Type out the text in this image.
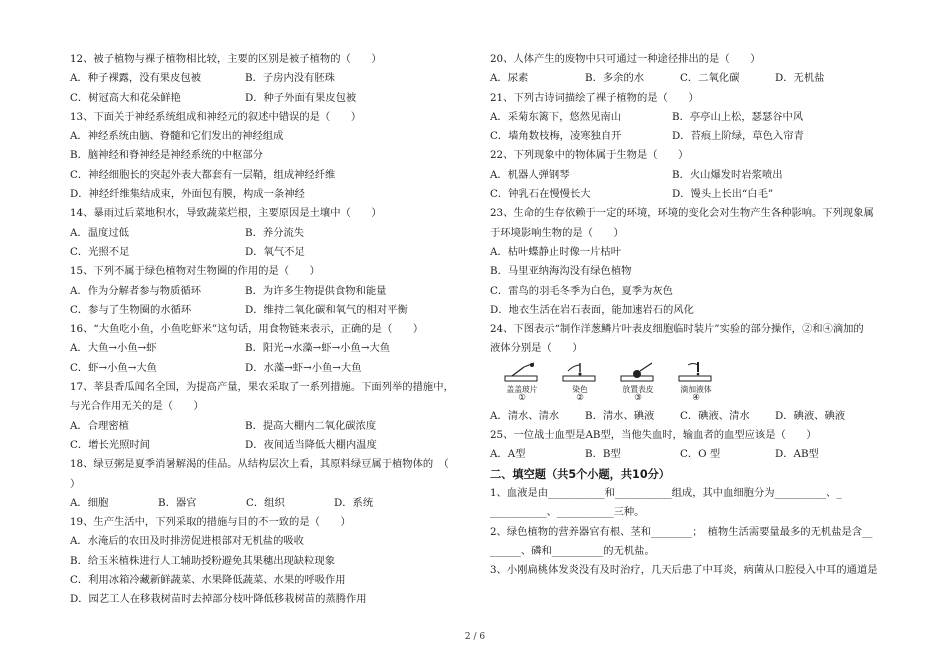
12、被子植物与裸子植物相比较，主要的区别是被子植物的（　　）
A．种子裸露，没有果皮包被	B．子房内没有胚珠
C．树冠高大和花朵鲜艳	D．种子外面有果皮包被
13、下面关于神经系统组成和神经元的叙述中错误的是（　　）
A．神经系统由脑、脊髓和它们发出的神经组成
B．脑神经和脊神经是神经系统的中枢部分
C．神经细胞长的突起外表大都套有一层鞘，组成神经纤维
D．神经纤维集结成束，外面包有膜，构成一条神经
14、暴雨过后菜地积水，导致蔬菜烂根，主要原因是土壤中（　　）
A．温度过低	B．养分流失
C．光照不足	D．氧气不足
15、下列不属于绿色植物对生物圈的作用的是（　　）
A．作为分解者参与物质循环	B．为许多生物提供食物和能量
C．参与了生物圈的水循环	D．维持二氧化碳和氧气的相对平衡
16、“大鱼吃小鱼，小鱼吃虾米”这句话，用食物链来表示，正确的是（　　）
A．大鱼→小鱼→虾	B．阳光→水藻→虾→小鱼→大鱼
C．虾→小鱼→大鱼	D．水藻→虾→小鱼→大鱼
17、莘县香瓜闻名全国，为提高产量，果农采取了一系列措施。下面列举的措施中，
与光合作用无关的是（　　）
A．合理密植	B．提高大棚内二氧化碳浓度
C．增长光照时间	D．夜间适当降低大棚内温度
18、绿豆粥是夏季消暑解渴的佳品。从结构层次上看，其原料绿豆属于植物体的　（
）
A．细胞	B．器官	C．组织	D．系统
19、生产生活中，下列采取的措施与目的不一致的是（　　）
A．水淹后的农田及时排涝促进根部对无机盐的吸收
B．给玉米植株进行人工辅助授粉避免其果穗出现缺粒现象
C．利用冰箱冷藏新鲜蔬菜、水果降低蔬菜、水果的呼吸作用
D．园艺工人在移栽树苗时去掉部分枝叶降低移栽树苗的蒸腾作用
20、人体产生的废物中只可通过一种途径排出的是（　　）
A．尿素	B．多余的水	C．二氧化碳	D．无机盐
21、下列古诗词描绘了裸子植物的是（　　）
A．采菊东篱下，悠然见南山	B．亭亭山上松，瑟瑟谷中风
C．墙角数枝梅，凌寒独自开	D．苔痕上阶绿，草色入帘青
22、下列现象中的物体属于生物是（　　）
A．机器人弹钢琴	B．火山爆发时岩浆喷出
C．钟乳石在慢慢长大	D．馒头上长出“白毛”
23、生命的生存依赖于一定的环境，环境的变化会对生物产生各种影响。下列现象属
于环境影响生物的是（　　）
A．枯叶蝶静止时像一片枯叶
B．马里亚纳海沟没有绿色植物
C．雷鸟的羽毛冬季为白色，夏季为灰色
D．地衣生活在岩石表面，能加速岩石的风化
24、下图表示“制作洋葱鳞片叶表皮细胞临时装片”实验的部分操作，②和④滴加的
液体分别是（　　）
盖盖玻片
①
染色
②
放置表皮
③
滴加液体
④
A．清水、清水	B．清水、碘液 C．碘液、清水 D．碘液、碘液
25、一位战士血型是AB型，当他失血时，输血者的血型应该是（　　）
A．A型	B．B型	C．O 型	D．AB型
二、填空题（共5个小题，共10分）
1、血液是由___________和___________组成，其中血细胞分为__________、_
___________、___________三种。
2、绿色植物的营养器官有根、茎和________；　植物生活需要量最多的无机盐是含__
______、磷和__________的无机盐。
3、小刚扁桃体发炎没有及时治疗，几天后患了中耳炎，病菌从口腔侵入中耳的通道是
2 / 6
